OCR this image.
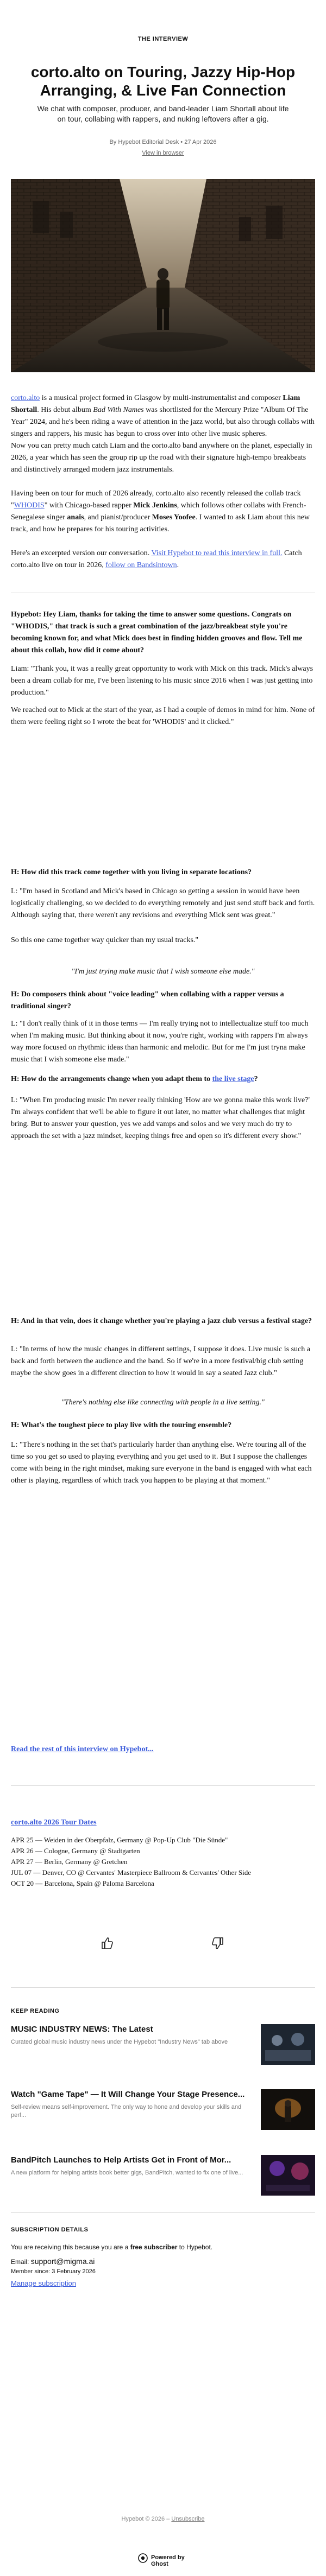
THE INTERVIEW
corto.alto on Touring, Jazzy Hip-Hop Arranging, & Live Fan Connection
We chat with composer, producer, and band-leader Liam Shortall about life on tour, collabing with rappers, and nuking leftovers after a gig.
By Hypebot Editorial Desk • 27 Apr 2026
View in browser

corto.alto is a musical project formed in Glasgow by multi-instrumentalist and composer Liam Shortall. His debut album Bad With Names was shortlisted for the Mercury Prize "Album Of The Year" 2024, and he's been riding a wave of attention in the jazz world, but also through collabs with singers and rappers, his music has begun to cross over into other live music spheres.

Now you can pretty much catch Liam and the corto.alto band anywhere on the planet, especially in 2026, a year which has seen the group rip up the road with their signature high-tempo breakbeats and distinctively arranged modern jazz instrumentals.

Having been on tour for much of 2026 already, corto.alto also recently released the collab track "WHODIS" with Chicago-based rapper Mick Jenkins, which follows other collabs with French-Senegalese singer anaïs, and pianist/producer Moses Yoofee. I wanted to ask Liam about this new track, and how he prepares for his touring activities.

Here's an excerpted version our conversation. Visit Hypebot to read this interview in full. Catch corto.alto live on tour in 2026, follow on Bandsintown.

Hypebot: Hey Liam, thanks for taking the time to answer some questions. Congrats on "WHODIS," that track is such a great combination of the jazz/breakbeat style you're becoming known for, and what Mick does best in finding hidden grooves and flow. Tell me about this collab, how did it come about?

Liam: "Thank you, it was a really great opportunity to work with Mick on this track. Mick's always been a dream collab for me, I've been listening to his music since 2016 when I was just getting into production."

We reached out to Mick at the start of the year, as I had a couple of demos in mind for him. None of them were feeling right so I wrote the beat for 'WHODIS' and it clicked."

H: How did this track come together with you living in separate locations?

L: "I'm based in Scotland and Mick's based in Chicago so getting a session in would have been logistically challenging, so we decided to do everything remotely and just send stuff back and forth. Although saying that, there weren't any revisions and everything Mick sent was great."

So this one came together way quicker than my usual tracks."

"I'm just trying make music that I wish someone else made."

H: Do composers think about "voice leading" when collabing with a rapper versus a traditional singer?

L: "I don't really think of it in those terms — I'm really trying not to intellectualize stuff too much when I'm making music. But thinking about it now, you're right, working with rappers I'm always way more focused on rhythmic ideas than harmonic and melodic. But for me I'm just tryna make music that I wish someone else made."

H: How do the arrangements change when you adapt them to the live stage?

L: "When I'm producing music I'm never really thinking 'How are we gonna make this work live?' I'm always confident that we'll be able to figure it out later, no matter what challenges that might bring. But to answer your question, yes we add vamps and solos and we very much do try to approach the set with a jazz mindset, keeping things free and open so it's different every show."

H: And in that vein, does it change whether you're playing a jazz club versus a festival stage?

L: "In terms of how the music changes in different settings, I suppose it does. Live music is such a back and forth between the audience and the band. So if we're in a more festival/big club setting maybe the show goes in a different direction to how it would in say a seated Jazz club."

"There's nothing else like connecting with people in a live setting."

H: What's the toughest piece to play live with the touring ensemble?

L: "There's nothing in the set that's particularly harder than anything else. We're touring all of the time so you get so used to playing everything and you get used to it. But I suppose the challenges come with being in the right mindset, making sure everyone in the band is engaged with what each other is playing, regardless of which track you happen to be playing at that moment."

Read the rest of this interview on Hypebot...
corto.alto 2026 Tour Dates
APR 25 — Weiden in der Oberpfalz, Germany @ Pop-Up Club "Die Sünde"
APR 26 — Cologne, Germany @ Stadtgarten
APR 27 — Berlin, Germany @ Gretchen
JUL 07 — Denver, CO @ Cervantes' Masterpiece Ballroom & Cervantes' Other Side
OCT 20 — Barcelona, Spain @ Paloma Barcelona
KEEP READING
MUSIC INDUSTRY NEWS: The Latest
Curated global music industry news under the Hypebot "Industry News" tab above
Watch "Game Tape" — It Will Change Your Stage Presence...
Self-review means self-improvement. The only way to hone and develop your skills and perf...
BandPitch Launches to Help Artists Get in Front of Mor...
A new platform for helping artists book better gigs, BandPitch, wanted to fix one of live...
SUBSCRIPTION DETAILS
You are receiving this because you are a free subscriber to Hypebot.
Email: support@migma.ai
Member since: 3 February 2026
Manage subscription
Hypebot © 2026 – Unsubscribe
Powered by Ghost
